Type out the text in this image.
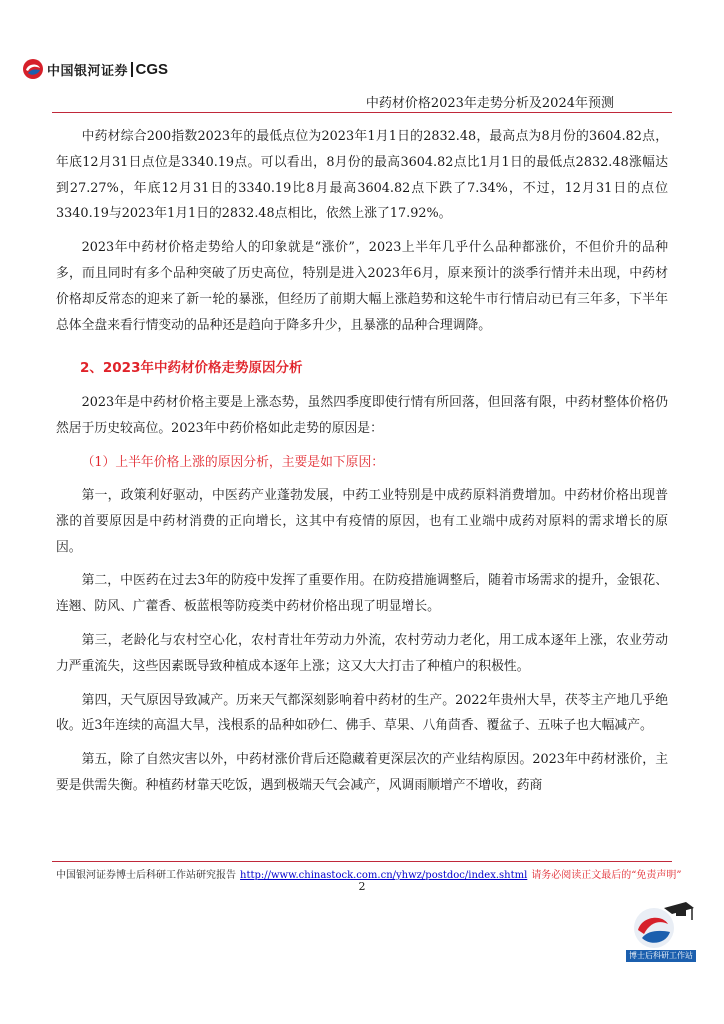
中国银河证券 CGS
中药材价格2023年走势分析及2024年预测

中药材综合200指数2023年的最低点位为2023年1月1日的2832.48，最高点为8月份的3604.82点，年底12月31日点位是3340.19点。可以看出，8月份的最高3604.82点比1月1日的最低点2832.48涨幅达到27.27%，年底12月31日的3340.19比8月最高3604.82点下跌了7.34%，不过，12月31日的点位3340.19与2023年1月1日的2832.48点相比，依然上涨了17.92%。

2023年中药材价格走势给人的印象就是“涨价”，2023上半年几乎什么品种都涨价，不但价升的品种多，而且同时有多个品种突破了历史高位，特别是进入2023年6月，原来预计的淡季行情并未出现，中药材价格却反常态的迎来了新一轮的暴涨，但经历了前期大幅上涨趋势和这轮牛市行情启动已有三年多，下半年总体全盘来看行情变动的品种还是趋向于降多升少，且暴涨的品种合理调降。

2、2023年中药材价格走势原因分析

2023年是中药材价格主要是上涨态势，虽然四季度即使行情有所回落，但回落有限，中药材整体价格仍然居于历史较高位。2023年中药价格如此走势的原因是：

（1）上半年价格上涨的原因分析，主要是如下原因：

第一，政策利好驱动，中医药产业蓬勃发展，中药工业特别是中成药原料消费增加。中药材价格出现普涨的首要原因是中药材消费的正向增长，这其中有疫情的原因，也有工业端中成药对原料的需求增长的原因。

第二，中医药在过去3年的防疫中发挥了重要作用。在防疫措施调整后，随着市场需求的提升，金银花、连翘、防风、广藿香、板蓝根等防疫类中药材价格出现了明显增长。

第三，老龄化与农村空心化，农村青壮年劳动力外流，农村劳动力老化，用工成本逐年上涨，农业劳动力严重流失，这些因素既导致种植成本逐年上涨；这又大大打击了种植户的积极性。

第四，天气原因导致减产。历来天气都深刻影响着中药材的生产。2022年贵州大旱，茯苓主产地几乎绝收。近3年连续的高温大旱，浅根系的品种如砂仁、佛手、草果、八角茴香、覆盆子、五味子也大幅减产。

第五，除了自然灾害以外，中药材涨价背后还隐藏着更深层次的产业结构原因。2023年中药材涨价，主要是供需失衡。种植药材靠天吃饭，遇到极端天气会减产，风调雨顺增产不增收，药商

中国银河证券博士后科研工作站研究报告 http://www.chinastock.com.cn/yhwz/postdoc/index.shtml 请务必阅读正文最后的“免责声明”
2
博士后科研工作站
